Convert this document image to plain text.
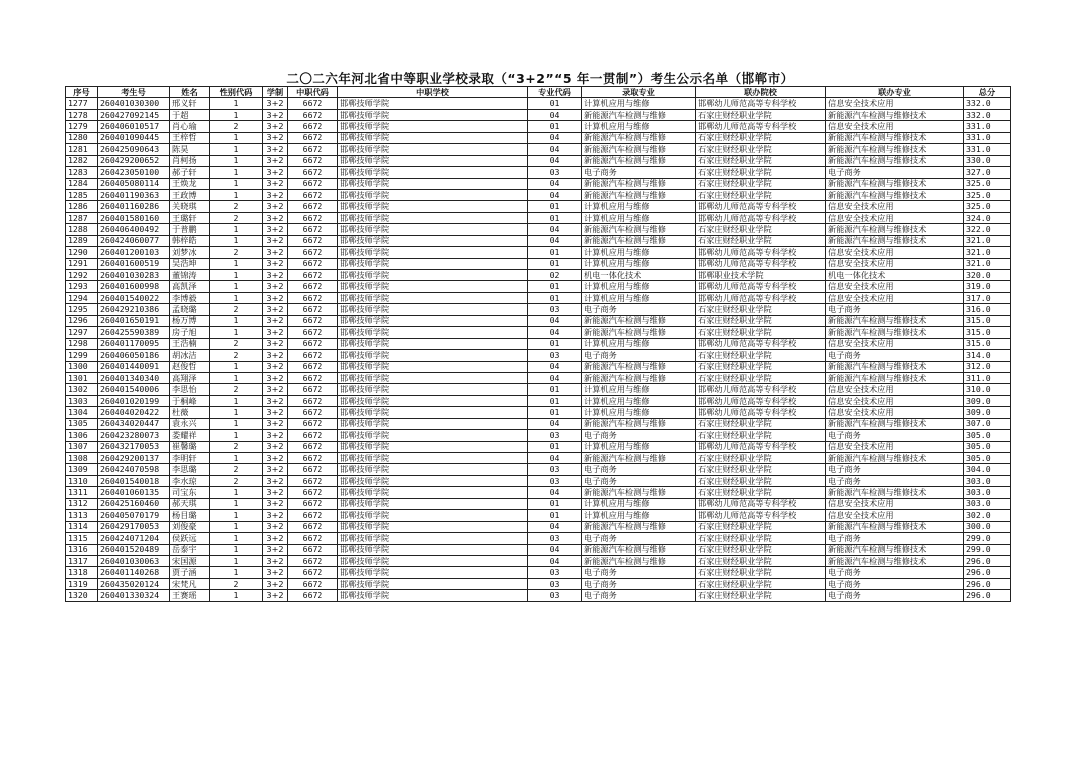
二〇二六年河北省中等职业学校录取（“3+2”“5 年一贯制”）考生公示名单（邯郸市）
序号	考生号	姓名	性别代码	学制	中职代码	中职学校	专业代码	录取专业	联办院校	联办专业	总分
1277	260401030300	邢义轩	1	3+2	6672	邯郸技师学院	01	计算机应用与维修	邯郸幼儿师范高等专科学校	信息安全技术应用	332.0
1278	260427092145	于超	1	3+2	6672	邯郸技师学院	04	新能源汽车检测与维修	石家庄财经职业学院	新能源汽车检测与维修技术	332.0
1279	260406010517	肖心瑜	2	3+2	6672	邯郸技师学院	01	计算机应用与维修	邯郸幼儿师范高等专科学校	信息安全技术应用	331.0
1280	260401090445	王梓哲	1	3+2	6672	邯郸技师学院	04	新能源汽车检测与维修	石家庄财经职业学院	新能源汽车检测与维修技术	331.0
1281	260425090643	陈昊	1	3+2	6672	邯郸技师学院	04	新能源汽车检测与维修	石家庄财经职业学院	新能源汽车检测与维修技术	331.0
1282	260429200652	肖柯扬	1	3+2	6672	邯郸技师学院	04	新能源汽车检测与维修	石家庄财经职业学院	新能源汽车检测与维修技术	330.0
1283	260423050100	郝子轩	1	3+2	6672	邯郸技师学院	03	电子商务	石家庄财经职业学院	电子商务	327.0
1284	260405080114	王焕龙	1	3+2	6672	邯郸技师学院	04	新能源汽车检测与维修	石家庄财经职业学院	新能源汽车检测与维修技术	325.0
1285	260401190363	王政博	1	3+2	6672	邯郸技师学院	04	新能源汽车检测与维修	石家庄财经职业学院	新能源汽车检测与维修技术	325.0
1286	260401160286	关晓琪	2	3+2	6672	邯郸技师学院	01	计算机应用与维修	邯郸幼儿师范高等专科学校	信息安全技术应用	325.0
1287	260401580160	王璐轩	2	3+2	6672	邯郸技师学院	01	计算机应用与维修	邯郸幼儿师范高等专科学校	信息安全技术应用	324.0
1288	260406400492	于普鹏	1	3+2	6672	邯郸技师学院	04	新能源汽车检测与维修	石家庄财经职业学院	新能源汽车检测与维修技术	322.0
1289	260424060077	韩梓皓	1	3+2	6672	邯郸技师学院	04	新能源汽车检测与维修	石家庄财经职业学院	新能源汽车检测与维修技术	321.0
1290	260401200103	刘梦冰	2	3+2	6672	邯郸技师学院	01	计算机应用与维修	邯郸幼儿师范高等专科学校	信息安全技术应用	321.0
1291	260401600519	吴浩坤	1	3+2	6672	邯郸技师学院	01	计算机应用与维修	邯郸幼儿师范高等专科学校	信息安全技术应用	321.0
1292	260401030283	董锦涛	1	3+2	6672	邯郸技师学院	02	机电一体化技术	邯郸职业技术学院	机电一体化技术	320.0
1293	260401600998	高凯泽	1	3+2	6672	邯郸技师学院	01	计算机应用与维修	邯郸幼儿师范高等专科学校	信息安全技术应用	319.0
1294	260401540022	李博毅	1	3+2	6672	邯郸技师学院	01	计算机应用与维修	邯郸幼儿师范高等专科学校	信息安全技术应用	317.0
1295	260429210386	孟晓璐	2	3+2	6672	邯郸技师学院	03	电子商务	石家庄财经职业学院	电子商务	316.0
1296	260401650191	杨万博	1	3+2	6672	邯郸技师学院	04	新能源汽车检测与维修	石家庄财经职业学院	新能源汽车检测与维修技术	315.0
1297	260425590389	房子旭	1	3+2	6672	邯郸技师学院	04	新能源汽车检测与维修	石家庄财经职业学院	新能源汽车检测与维修技术	315.0
1298	260401170095	王浩楠	2	3+2	6672	邯郸技师学院	01	计算机应用与维修	邯郸幼儿师范高等专科学校	信息安全技术应用	315.0
1299	260406050186	胡冰洁	2	3+2	6672	邯郸技师学院	03	电子商务	石家庄财经职业学院	电子商务	314.0
1300	260401440091	赵俊哲	1	3+2	6672	邯郸技师学院	04	新能源汽车检测与维修	石家庄财经职业学院	新能源汽车检测与维修技术	312.0
1301	260401340340	高翔泽	1	3+2	6672	邯郸技师学院	04	新能源汽车检测与维修	石家庄财经职业学院	新能源汽车检测与维修技术	311.0
1302	260401540006	李思怡	2	3+2	6672	邯郸技师学院	01	计算机应用与维修	邯郸幼儿师范高等专科学校	信息安全技术应用	310.0
1303	260401020199	于桐峰	1	3+2	6672	邯郸技师学院	01	计算机应用与维修	邯郸幼儿师范高等专科学校	信息安全技术应用	309.0
1304	260404020422	杜薇	1	3+2	6672	邯郸技师学院	01	计算机应用与维修	邯郸幼儿师范高等专科学校	信息安全技术应用	309.0
1305	260434020447	袁永兴	1	3+2	6672	邯郸技师学院	04	新能源汽车检测与维修	石家庄财经职业学院	新能源汽车检测与维修技术	307.0
1306	260423280073	娄耀祥	1	3+2	6672	邯郸技师学院	03	电子商务	石家庄财经职业学院	电子商务	305.0
1307	260432170053	崔馨璐	2	3+2	6672	邯郸技师学院	01	计算机应用与维修	邯郸幼儿师范高等专科学校	信息安全技术应用	305.0
1308	260429200137	李明轩	1	3+2	6672	邯郸技师学院	04	新能源汽车检测与维修	石家庄财经职业学院	新能源汽车检测与维修技术	305.0
1309	260424070598	李思璐	2	3+2	6672	邯郸技师学院	03	电子商务	石家庄财经职业学院	电子商务	304.0
1310	260401540018	李水琼	2	3+2	6672	邯郸技师学院	03	电子商务	石家庄财经职业学院	电子商务	303.0
1311	260401060135	司宝东	1	3+2	6672	邯郸技师学院	04	新能源汽车检测与维修	石家庄财经职业学院	新能源汽车检测与维修技术	303.0
1312	260425160460	郝天琪	1	3+2	6672	邯郸技师学院	01	计算机应用与维修	邯郸幼儿师范高等专科学校	信息安全技术应用	303.0
1313	260405070179	杨目璐	1	3+2	6672	邯郸技师学院	01	计算机应用与维修	邯郸幼儿师范高等专科学校	信息安全技术应用	302.0
1314	260429170053	刘俊豪	1	3+2	6672	邯郸技师学院	04	新能源汽车检测与维修	石家庄财经职业学院	新能源汽车检测与维修技术	300.0
1315	260424071204	侯跃远	1	3+2	6672	邯郸技师学院	03	电子商务	石家庄财经职业学院	电子商务	299.0
1316	260401520489	岳泰宇	1	3+2	6672	邯郸技师学院	04	新能源汽车检测与维修	石家庄财经职业学院	新能源汽车检测与维修技术	299.0
1317	260401030063	宋国源	1	3+2	6672	邯郸技师学院	04	新能源汽车检测与维修	石家庄财经职业学院	新能源汽车检测与维修技术	296.0
1318	260401140268	贾子涵	1	3+2	6672	邯郸技师学院	03	电子商务	石家庄财经职业学院	电子商务	296.0
1319	260435020124	宋梵凡	2	3+2	6672	邯郸技师学院	03	电子商务	石家庄财经职业学院	电子商务	296.0
1320	260401330324	王赛瑶	1	3+2	6672	邯郸技师学院	03	电子商务	石家庄财经职业学院	电子商务	296.0
